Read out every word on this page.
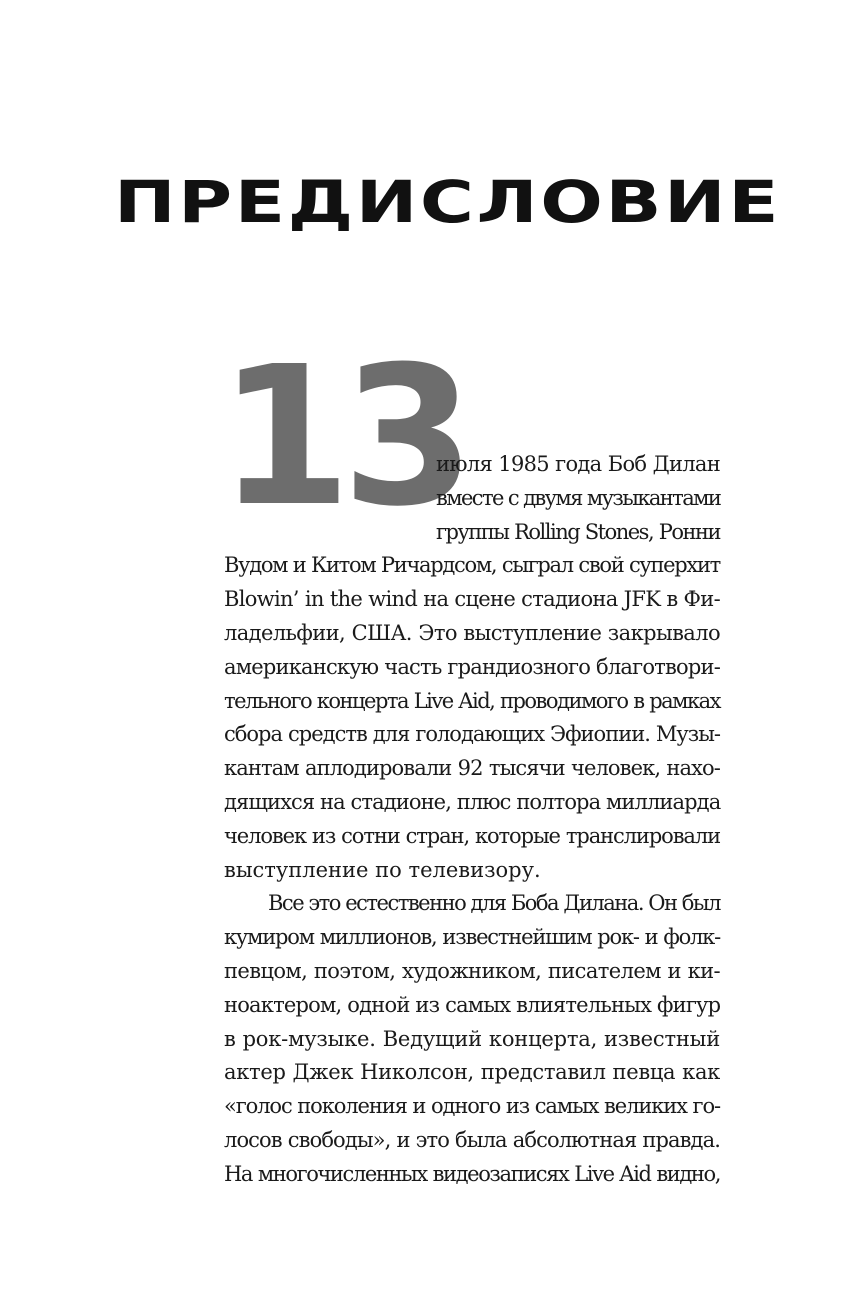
ПРЕДИСЛОВИЕ
13
июля 1985 года Боб Дилан
вместе с двумя музыкантами
группы Rolling Stones, Ронни
Вудом и Китом Ричардсом, сыграл свой суперхит
Blowin’ in the wind на сцене стадиона JFK в Фи-
ладельфии, США. Это выступление закрывало
американскую часть грандиозного благотвори-
тельного концерта Live Aid, проводимого в рамках
сбора средств для голодающих Эфиопии. Музы-
кантам аплодировали 92 тысячи человек, нахо-
дящихся на стадионе, плюс полтора миллиарда
человек из сотни стран, которые транслировали
выступление по телевизору.
Все это естественно для Боба Дилана. Он был
кумиром миллионов, известнейшим рок- и фолк-
певцом, поэтом, художником, писателем и ки-
ноактером, одной из самых влиятельных фигур
в рок-музыке. Ведущий концерта, известный
актер Джек Николсон, представил певца как
«голос поколения и одного из самых великих го-
лосов свободы», и это была абсолютная правда.
На многочисленных видеозаписях Live Aid видно,
